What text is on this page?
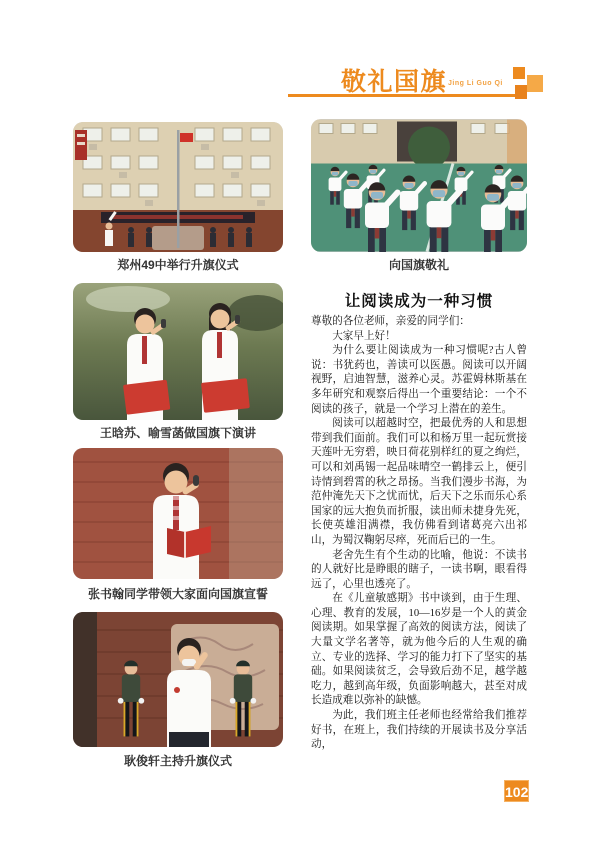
敬礼国旗 Jing Li Guo Qi
郑州49中举行升旗仪式	向国旗敬礼
王晗苏、喻雪菡做国旗下演讲
张书翰同学带领大家面向国旗宣誓
耿俊轩主持升旗仪式
让阅读成为一种习惯

尊敬的各位老师，亲爱的同学们：

大家早上好！

为什么要让阅读成为一种习惯呢?古人曾说：书犹药也，善读可以医愚。阅读可以开阔视野，启迪智慧，滋养心灵。苏霍姆林斯基在多年研究和观察后得出一个重要结论：一个不阅读的孩子，就是一个学习上潜在的差生。

阅读可以超越时空，把最优秀的人和思想带到我们面前。我们可以和杨万里一起玩赏接天莲叶无穷碧，映日荷花别样红的夏之绚烂，可以和刘禹锡一起品味晴空一鹤排云上，便引诗情到碧霄的秋之昂扬。当我们漫步书海，为范仲淹先天下之忧而忧，后天下之乐而乐心系国家的远大抱负而折服，读出师未捷身先死，长使英雄泪满襟，我仿佛看到诸葛亮六出祁山，为蜀汉鞠躬尽瘁，死而后已的一生。

老舍先生有个生动的比喻，他说：不读书的人就好比是睁眼的瞎子，一读书啊，眼看得远了，心里也透亮了。

在《儿童敏感期》书中谈到，由于生理、心理、教育的发展，10—16岁是一个人的黄金阅读期。如果掌握了高效的阅读方法，阅读了大量文学名著等，就为他今后的人生观的确立、专业的选择、学习的能力打下了坚实的基础。如果阅读贫乏，会导致后劲不足，越学越吃力，越到高年级，负面影响越大，甚至对成长造成难以弥补的缺憾。

为此，我们班主任老师也经常给我们推荐好书，在班上，我们持续的开展读书及分享活动，

102
